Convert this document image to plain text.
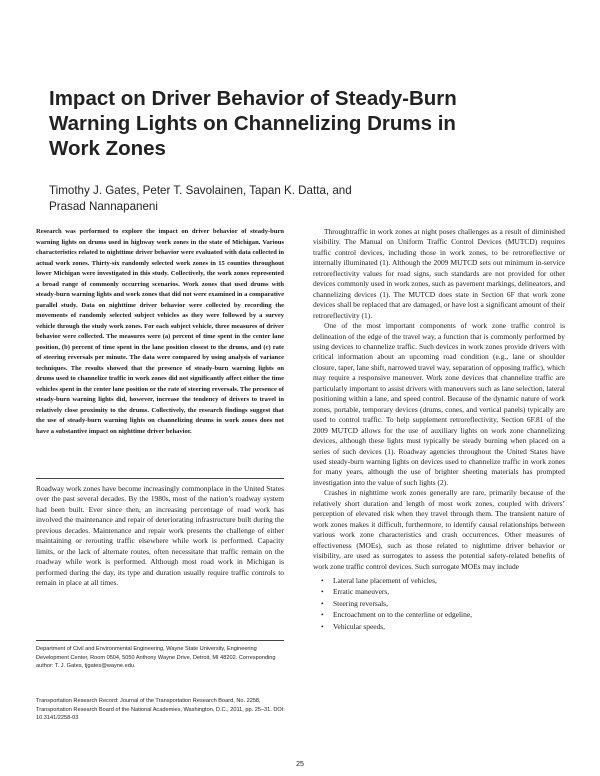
Impact on Driver Behavior of Steady-Burn Warning Lights on Channelizing Drums in Work Zones
Timothy J. Gates, Peter T. Savolainen, Tapan K. Datta, and Prasad Nannapaneni

Research was performed to explore the impact on driver behavior of steady-burn warning lights on drums used in highway work zones in the state of Michigan. Various characteristics related to nighttime driver behavior were evaluated with data collected in actual work zones. Thirty-six randomly selected work zones in 15 counties throughout lower Michigan were investigated in this study. Collectively, the work zones represented a broad range of commonly occurring scenarios. Work zones that used drums with steady-burn warning lights and work zones that did not were examined in a comparative parallel study. Data on nighttime driver behavior were collected by recording the movements of randomly selected subject vehicles as they were followed by a survey vehicle through the study work zones. For each subject vehicle, three measures of driver behavior were collected. The measures were (a) percent of time spent in the center lane position, (b) percent of time spent in the lane position closest to the drums, and (c) rate of steering reversals per minute. The data were compared by using analysis of variance techniques. The results showed that the presence of steady-burn warning lights on drums used to channelize traffic in work zones did not significantly affect either the time vehicles spent in the center lane position or the rate of steering reversals. The presence of steady-burn warning lights did, however, increase the tendency of drivers to travel in relatively close proximity to the drums. Collectively, the research findings suggest that the use of steady-burn warning lights on channelizing drums in work zones does not have a substantive impact on nighttime driver behavior.

Roadway work zones have become increasingly commonplace in the United States over the past several decades. By the 1980s, most of the nation’s roadway system had been built. Ever since then, an increasing percentage of road work has involved the maintenance and repair of deteriorating infrastructure built during the previous decades. Maintenance and repair work presents the challenge of either maintaining or rerouting traffic elsewhere while work is performed. Capacity limits, or the lack of alternate routes, often necessitate that traffic remain on the roadway while work is performed. Although most road work in Michigan is performed during the day, its type and duration usually require traffic controls to remain in place at all times.

Department of Civil and Environmental Engineering, Wayne State University, Engineering Development Center, Room 0504, 5050 Anthony Wayne Drive, Detroit, MI 48202. Corresponding author: T. J. Gates, tjgates@wayne.edu.

Transportation Research Record: Journal of the Transportation Research Board, No. 2258, Transportation Research Board of the National Academies, Washington, D.C., 2011, pp. 25–31. DOI: 10.3141/2258-03

Throughtraffic in work zones at night poses challenges as a result of diminished visibility. The Manual on Uniform Traffic Control Devices (MUTCD) requires traffic control devices, including those in work zones, to be retroreflective or internally illuminated (1). Although the 2009 MUTCD sets out minimum in-service retroreflectivity values for road signs, such standards are not provided for other devices commonly used in work zones, such as pavement markings, delineators, and channelizing devices (1). The MUTCD does state in Section 6F that work zone devices shall be replaced that are damaged, or have lost a significant amount of their retroreflectivity (1).

One of the most important components of work zone traffic control is delineation of the edge of the travel way, a function that is commonly performed by using devices to channelize traffic. Such devices in work zones provide drivers with critical information about an upcoming road condition (e.g., lane or shoulder closure, taper, lane shift, narrowed travel way, separation of opposing traffic), which may require a responsive maneuver. Work zone devices that channelize traffic are particularly important to assist drivers with maneuvers such as lane selection, lateral positioning within a lane, and speed control. Because of the dynamic nature of work zones, portable, temporary devices (drums, cones, and vertical panels) typically are used to control traffic. To help supplement retroreflectivity, Section 6F.81 of the 2009 MUTCD allows for the use of auxiliary lights on work zone channelizing devices, although these lights must typically be steady burning when placed on a series of such devices (1). Roadway agencies throughout the United States have used steady-burn warning lights on devices used to channelize traffic in work zones for many years, although the use of brighter sheeting materials has prompted investigation into the value of such lights (2).

Crashes in nighttime work zones generally are rare, primarily because of the relatively short duration and length of most work zones, coupled with drivers’ perception of elevated risk when they travel through them. The transient nature of work zones makes it difficult, furthermore, to identify causal relationships between various work zone characteristics and crash occurrences. Other measures of effectiveness (MOEs), such as those related to nighttime driver behavior or visibility, are used as surrogates to assess the potential safety-related benefits of work zone traffic control devices. Such surrogate MOEs may include

• Lateral lane placement of vehicles,
• Erratic maneuvers,
• Steering reversals,
• Encroachment on to the centerline or edgeline,
• Vehicular speeds,
25
